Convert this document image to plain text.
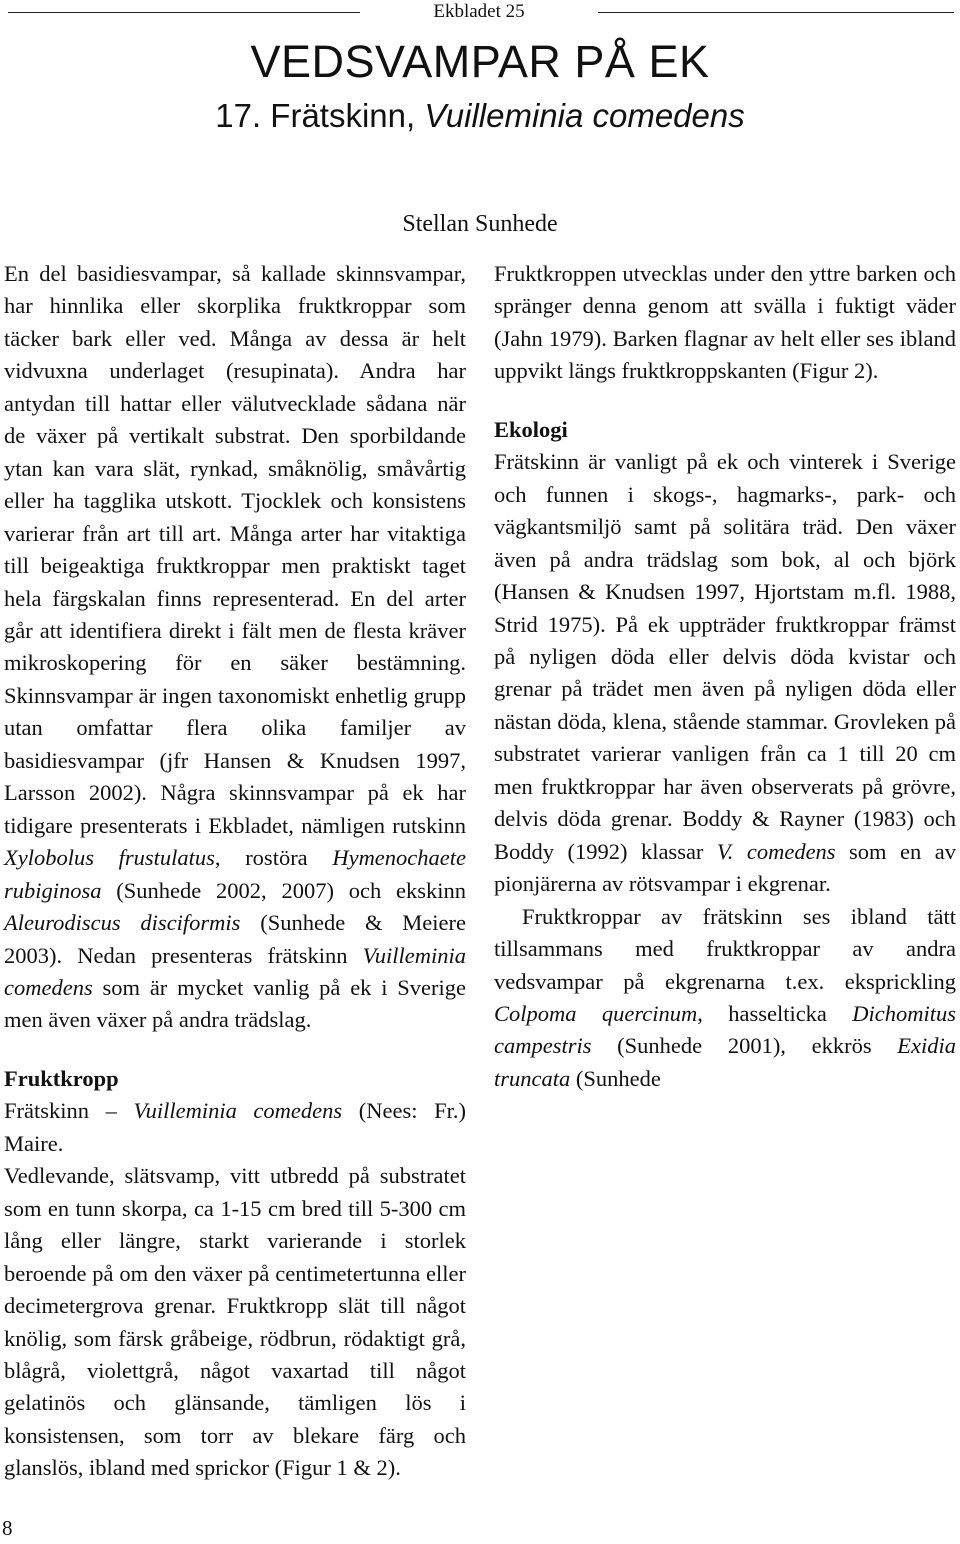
Ekbladet 25
VEDSVAMPAR PÅ EK
17. Frätskinn, Vuilleminia comedens
Stellan Sunhede

En del basidiesvampar, så kallade skinnsvampar, har hinnlika eller skorplika fruktkroppar som täcker bark eller ved. Många av dessa är helt vidvuxna underlaget (resupinata). Andra har antydan till hattar eller välutvecklade sådana när de växer på vertikalt substrat. Den sporbildande ytan kan vara slät, rynkad, småknölig, småvårtig eller ha tagglika utskott. Tjocklek och konsistens varierar från art till art. Många arter har vitaktiga till beigeaktiga fruktkroppar men praktiskt taget hela färgskalan finns representerad. En del arter går att identifiera direkt i fält men de flesta kräver mikroskopering för en säker bestämning. Skinnsvampar är ingen taxonomiskt enhetlig grupp utan omfattar flera olika familjer av basidiesvampar (jfr Hansen & Knudsen 1997, Larsson 2002). Några skinnsvampar på ek har tidigare presenterats i Ekbladet, nämligen rutskinn Xylobolus frustulatus, rostöra Hymenochaete rubiginosa (Sunhede 2002, 2007) och ekskinn Aleurodiscus disciformis (Sunhede & Meiere 2003). Nedan presenteras frätskinn Vuilleminia comedens som är mycket vanlig på ek i Sverige men även växer på andra trädslag.

Fruktkropp

Frätskinn – Vuilleminia comedens (Nees: Fr.) Maire.

Vedlevande, slätsvamp, vitt utbredd på substratet som en tunn skorpa, ca 1-15 cm bred till 5-300 cm lång eller längre, starkt varierande i storlek beroende på om den växer på centimetertunna eller decimetergrova grenar. Fruktkropp slät till något knölig, som färsk gråbeige, rödbrun, rödaktigt grå, blågrå, violettgrå, något vaxartad till något gelatinös och glänsande, tämligen lös i konsistensen, som torr av blekare färg och glanslös, ibland med sprickor (Figur 1 & 2).

Fruktkroppen utvecklas under den yttre barken och spränger denna genom att svälla i fuktigt väder (Jahn 1979). Barken flagnar av helt eller ses ibland uppvikt längs fruktkroppskanten (Figur 2).

Ekologi

Frätskinn är vanligt på ek och vinterek i Sverige och funnen i skogs-, hagmarks-, park- och vägkantsmiljö samt på solitära träd. Den växer även på andra trädslag som bok, al och björk (Hansen & Knudsen 1997, Hjortstam m.fl. 1988, Strid 1975). På ek uppträder fruktkroppar främst på nyligen döda eller delvis döda kvistar och grenar på trädet men även på nyligen döda eller nästan döda, klena, stående stammar. Grovleken på substratet varierar vanligen från ca 1 till 20 cm men fruktkroppar har även observerats på grövre, delvis döda grenar. Boddy & Rayner (1983) och Boddy (1992) klassar V. comedens som en av pionjärerna av rötsvampar i ekgrenar.

Fruktkroppar av frätskinn ses ibland tätt tillsammans med fruktkroppar av andra vedsvampar på ekgrenarna t.ex. eksprickling Colpoma quercinum, hasselticka Dichomitus campestris (Sunhede 2001), ekkrös Exidia truncata (Sunhede

8
